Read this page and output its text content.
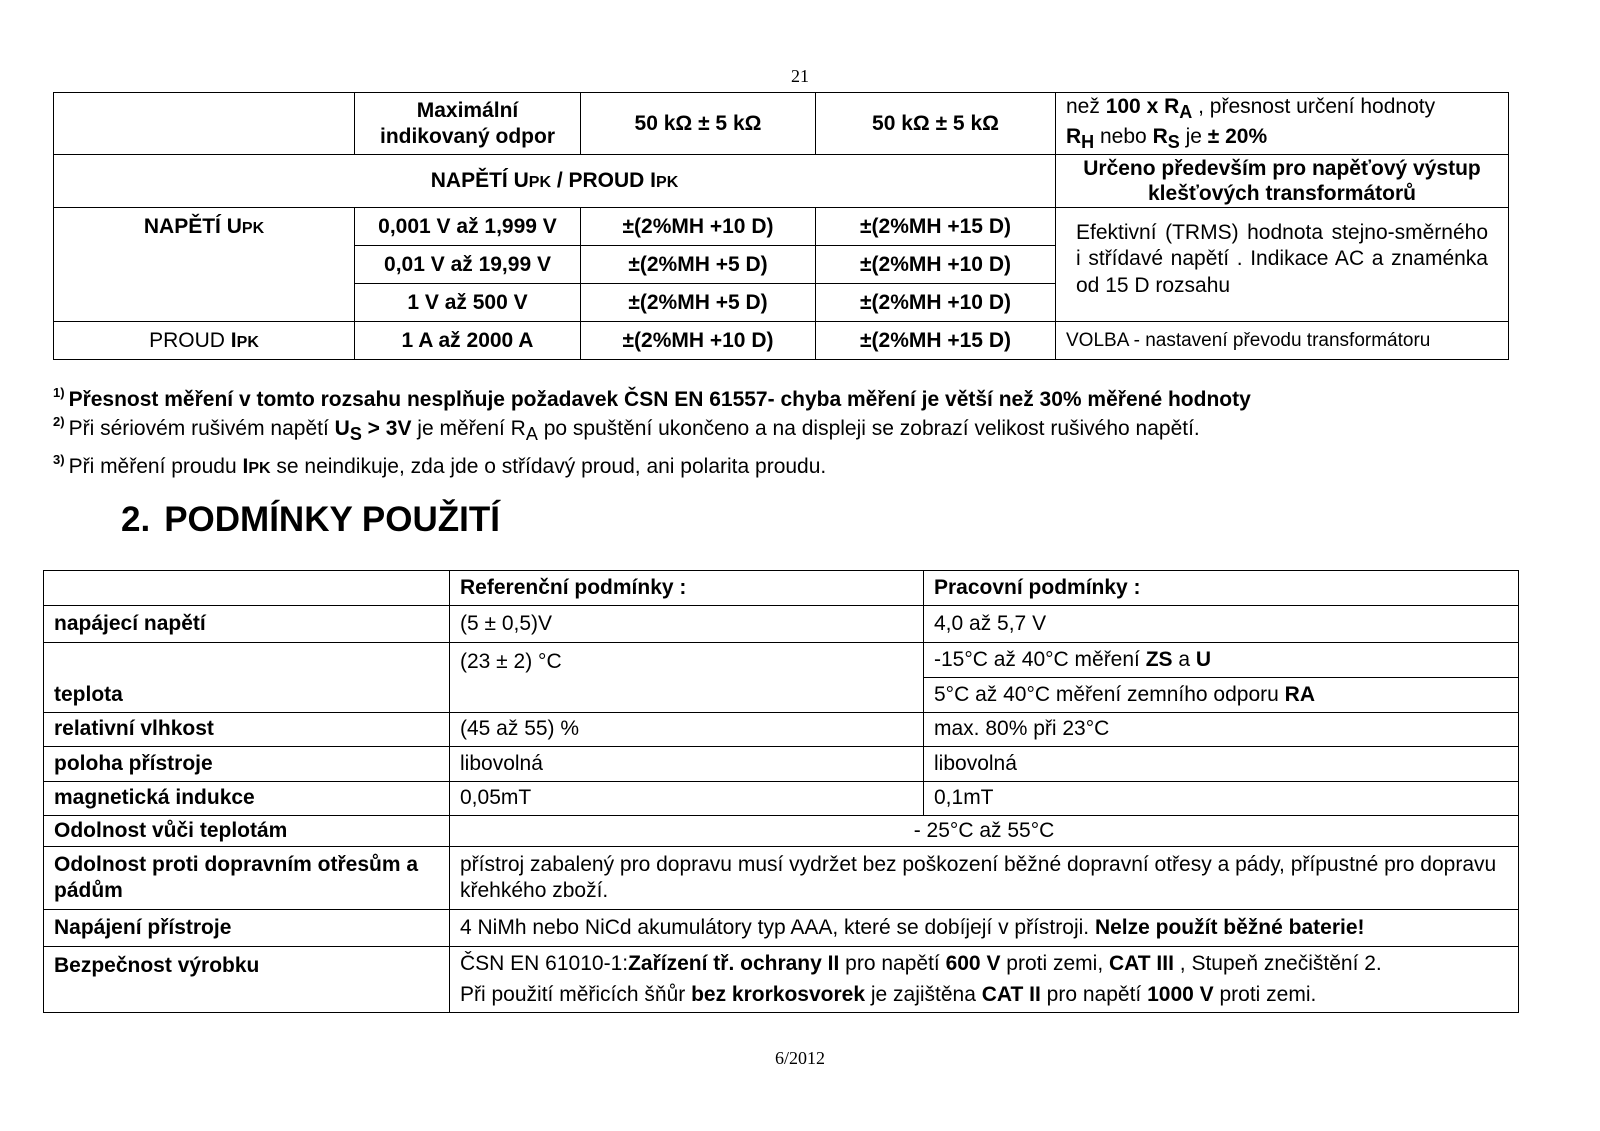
21
	Maximální
indikovaný odpor	50 kΩ ± 5 kΩ	50 kΩ ± 5 kΩ	než 100 x $R_A$ , přesnost určení hodnoty
$R_H$ nebo $R_S$ je ± 20%
NAPĚTÍ UPK / PROUD IPK				Určeno především pro napěťový výstup klešťových transformátorů
NAPĚTÍ UPK	0,001 V až 1,999 V	±(2%MH +10 D)	±(2%MH +15 D)	Efektivní (TRMS) hodnota stejno-směrného i střídavé napětí . Indikace AC a znaménka od 15 D rozsahu
	0,01 V až 19,99 V	±(2%MH +5 D)	±(2%MH +10 D)	
	1 V až 500 V	±(2%MH +5 D)	±(2%MH +10 D)	
PROUD IPK	1 A až 2000 A	±(2%MH +10 D)	±(2%MH +15 D)	VOLBA - nastavení převodu transformátoru
$^{1)}$ Přesnost měření v tomto rozsahu nesplňuje požadavek ČSN EN 61557- chyba měření je větší než 30% měřené hodnoty
$^{2)}$ Při sériovém rušivém napětí $U_S > 3V$ je měření $R_A$ po spuštění ukončeno a na displeji se zobrazí velikost rušivého napětí.
$^{3)}$ Při měření proudu IPK se neindikuje, zda jde o střídavý proud, ani polarita proudu.
2. PODMÍNKY POUŽITÍ
	Referenční podmínky :	Pracovní podmínky :
napájecí napětí	(5 ± 0,5)V	4,0 až 5,7 V
teplota	(23 ± 2) °C	-15°C až 40°C měření ZS a U
		5°C až 40°C měření zemního odporu RA
relativní vlhkost	(45 až 55) %	max. 80% při 23°C
poloha přístroje	libovolná	libovolná
magnetická indukce	0,05mT	0,1mT
Odolnost vůči teplotám	- 25°C až 55°C	
Odolnost proti dopravním otřesům a pádům	přístroj zabalený pro dopravu musí vydržet bez poškození běžné dopravní otřesy a pády, přípustné pro dopravu křehkého zboží.	
Napájení přístroje	4 NiMh nebo NiCd akumulátory typ AAA, které se dobíjejí v přístroji. Nelze použít běžné baterie!	
Bezpečnost výrobku	ČSN EN 61010-1:Zařízení tř. ochrany II pro napětí 600 V proti zemi, CAT III , Stupeň znečištění 2.
Při použití měřicích šňůr bez krorkosvorek je zajištěna CAT II pro napětí 1000 V proti zemi.	
6/2012
